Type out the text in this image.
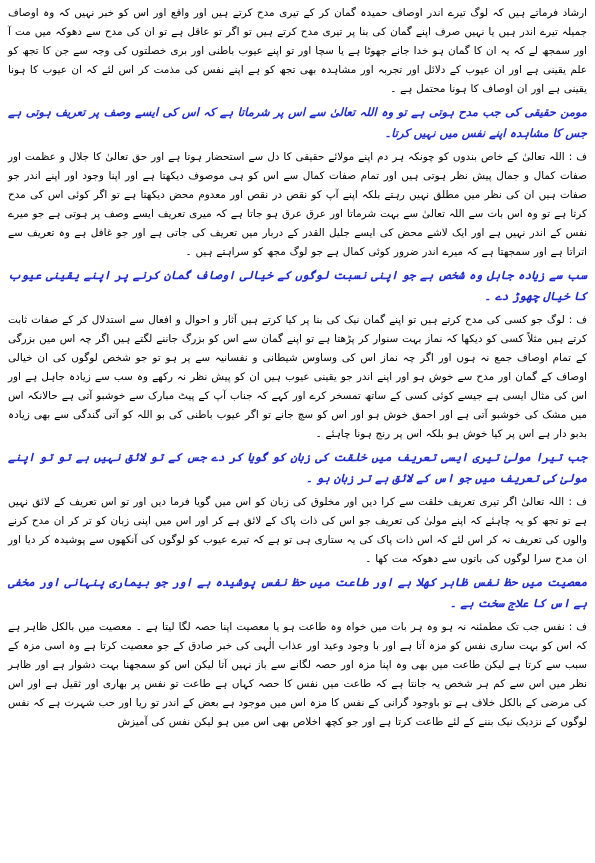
ارشاد فرماتے ہیں کہ لوگ تیرے اندر اوصاف حمیدہ گمان کر کے تیری مدح کرتے ہیں اور واقع اور اس کو خبر نہیں کہ وہ اوصاف جمیلہ تیرے اندر ہیں یا نہیں صرف اپنے گمان کی بنا پر تیری مدح کرتے ہیں تو اگر تو عاقل ہے تو ان کی مدح سے دھوکہ میں مت آ اور سمجھ لے کہ یہ ان کا گمان ہو خدا جانے جھوٹا ہے یا سچا اور تو اپنے عیوب باطنی اور بری خصلتوں کی وجہ سے جن کا تجھ کو علم یقینی ہے اور ان عیوب کے دلائل اور تجربہ اور مشاہدہ بھی تجھ کو ہے اپنے نفس کی مذمت کر اس لئے کہ ان عیوب کا ہونا یقینی ہے اور ان اوصاف کا ہونا محتمل ہے ۔

مومن حقیقی کی جب مدح ہوتی ہے تو وہ اللہ تعالیٰ سے اس پر شرماتا ہے کہ اس کی ایسے وصف پر تعریف ہوتی ہے جس کا مشاہدہ اپنے نفس میں نہیں کرتا۔

ف : اللہ تعالیٰ کے خاص بندوں کو چونکہ ہر دم اپنے مولائے حقیقی کا دل سے استحضار ہوتا ہے اور حق تعالیٰ کا جلال و عظمت اور صفات کمال و جمال پیش نظر ہوتی ہیں اور تمام صفات کمال سے اس کو ہی موصوف دیکھتا ہے اور اپنا وجود اور اپنے اندر جو صفات ہیں ان کی نظر میں مطلق نہیں رہتے بلکہ اپنے آپ کو نقص در نقص اور معدوم محض دیکھتا ہے تو اگر کوئی اس کی مدح کرتا ہے تو وہ اس بات سے اللہ تعالیٰ سے بہت شرماتا اور عرق عرق ہو جاتا ہے کہ میری تعریف ایسے وصف پر ہوتی ہے جو میرے نفس کے اندر نہیں ہے اور ایک لاشے محض کی ایسے جلیل القدر کے دربار میں تعریف کی جاتی ہے اور جو غافل ہے وہ تعریف سے اتراتا ہے اور سمجھتا ہے کہ میرے اندر ضرور کوئی کمال ہے جو لوگ مجھ کو سراہتے ہیں ۔

سب سے زیادہ جاہل وہ شخص ہے جو اپنی نسبت لوگوں کے خیالی اوصاف گمان کرنے پر اپنے یقینی عیوب کا خیال چھوڑ دے ۔

ف : لوگ جو کسی کی مدح کرتے ہیں تو اپنے گمان نیک کی بنا پر کیا کرتے ہیں آثار و احوال و افعال سے استدلال کر کے صفات ثابت کرتے ہیں مثلاً کسی کو دیکھا کہ نماز بہت سنوار کر پڑھتا ہے تو اپنے گمان سے اس کو بزرگ جاننے لگتے ہیں اگر چہ اس میں بزرگی کے تمام اوصاف جمع نہ ہوں اور اگر چہ نماز اس کی وساوس شیطانی و نفسانیہ سے پر ہو تو جو شخص لوگوں کی ان خیالی اوصاف کے گمان اور مدح سے خوش ہو اور اپنے اندر جو یقینی عیوب ہیں ان کو پیش نظر نہ رکھے وہ سب سے زیادہ جاہل ہے اور اس کی مثال ایسی ہے جیسے کوئی کسی کے ساتھ تمسخر کرے اور کہے کہ جناب آپ کے پیٹ مبارک سے خوشبو آتی ہے حالانکہ اس میں مشک کی خوشبو آتی ہے اور احمق خوش ہو اور اس کو سچ جانے تو اگر عیوب باطنی کی بو اللہ کو آتی گندگی سے بھی زیادہ بدبو دار ہے اس پر کیا خوش ہو بلکہ اس پر رنج ہونا چاہئے ۔

جب تیرا مولیٰ تیری ایسی تعریف میں خلقت کی زبان کو گویا کر دے جس کے تو لائق نہیں ہے تو تو اپنے مولیٰ کی تعریف میں جو اس کے لائق ہے تر زبان ہو ۔

ف : اللہ تعالیٰ اگر تیری تعریف خلقت سے کرا دیں اور مخلوق کی زبان کو اس میں گویا فرما دیں اور تو اس تعریف کے لائق نہیں ہے تو تجھ کو یہ چاہئے کہ اپنے مولیٰ کی تعریف جو اس کی ذات پاک کے لائق ہے کر اور اس میں اپنی زبان کو تر کر ان مدح کرنے والوں کی تعریف نہ کر اس لئے کہ اس ذات پاک کی یہ ستاری ہی تو ہے کہ تیرے عیوب کو لوگوں کی آنکھوں سے پوشیدہ کر دیا اور ان مدح سرا لوگوں کی باتوں سے دھوکہ مت کھا ۔

معصیت میں حظ نفس ظاہر کھلا ہے اور طاعت میں حظ نفس پوشیدہ ہے اور جو بیماری پنہانی اور مخفی ہے اس کا علاج سخت ہے ۔

ف : نفس جب تک مطمئنہ نہ ہو وہ ہر بات میں خواہ وہ طاعت ہو یا معصیت اپنا حصہ لگا لیتا ہے ۔ معصیت میں بالکل ظاہر ہے کہ اس کو بہت ساری نفس کو مزہ آتا ہے اور با وجود وعید اور عذاب الٰہی کی خبر صادق کے جو معصیت کرتا ہے وہ اسی مزہ کے سبب سے کرتا ہے لیکن طاعت میں بھی وہ اپنا مزہ اور حصہ لگانے سے باز نہیں آتا لیکن اس کو سمجھنا بہت دشوار ہے اور ظاہر نظر میں اس سے کم ہر شخص یہ جانتا ہے کہ طاعت میں نفس کا حصہ کہاں ہے طاعت تو نفس پر بھاری اور ثقیل ہے اور اس کی مرضی کے بالکل خلاف ہے تو باوجود گرانی کے نفس کا مزہ اس میں موجود ہے بعض کے اندر تو ریا اور حب شہرت ہے کہ نفس لوگوں کے نزدیک نیک بننے کے لئے طاعت کرتا ہے اور جو کچھ اخلاص بھی اس میں ہو لیکن نفس کی آمیزش
